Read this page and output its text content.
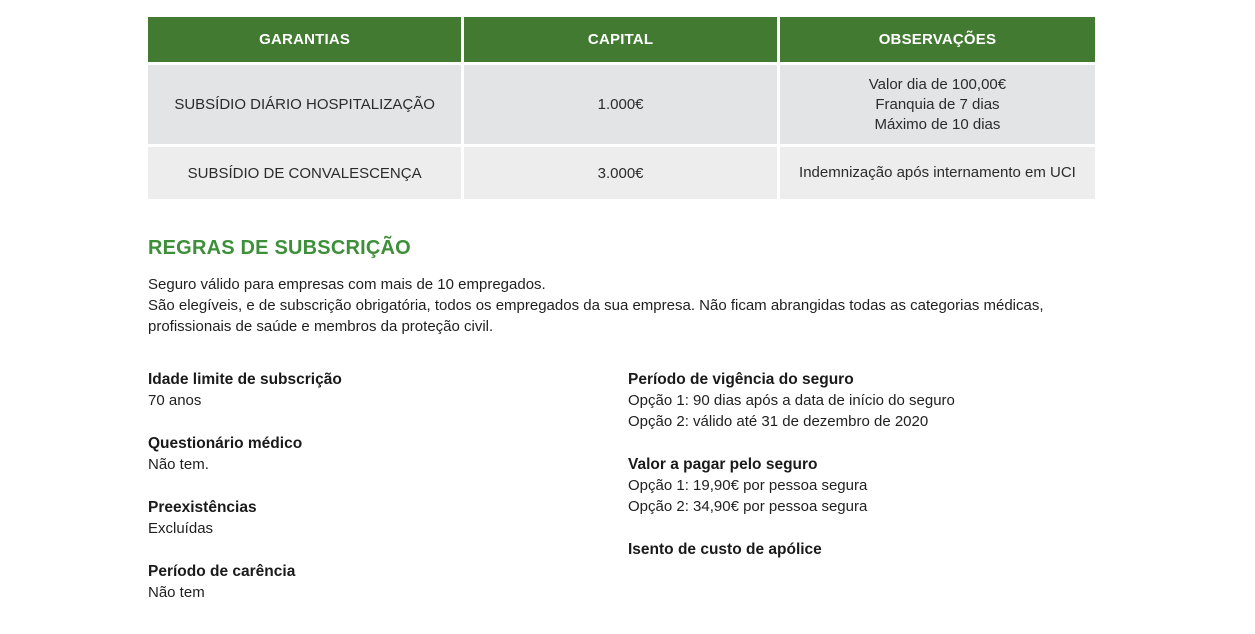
GARANTIAS	CAPITAL	OBSERVAÇÕES
SUBSÍDIO DIÁRIO HOSPITALIZAÇÃO	1.000€	Valor dia de 100,00€
Franquia de 7 dias
Máximo de 10 dias

SUBSÍDIO DE CONVALESCENÇA	3.000€	Indemnização após internamento em UCI
REGRAS DE SUBSCRIÇÃO

Seguro válido para empresas com mais de 10 empregados.

São elegíveis, e de subscrição obrigatória, todos os empregados da sua empresa. Não ficam abrangidas todas as categorias médicas, profissionais de saúde e membros da proteção civil.

Idade limite de subscrição
70 anos
Questionário médico
Não tem.
Preexistências
Excluídas
Período de carência
Não tem
Período de vigência do seguro
Opção 1: 90 dias após a data de início do seguro
Opção 2: válido até 31 de dezembro de 2020
Valor a pagar pelo seguro
Opção 1: 19,90€ por pessoa segura
Opção 2: 34,90€ por pessoa segura
Isento de custo de apólice
